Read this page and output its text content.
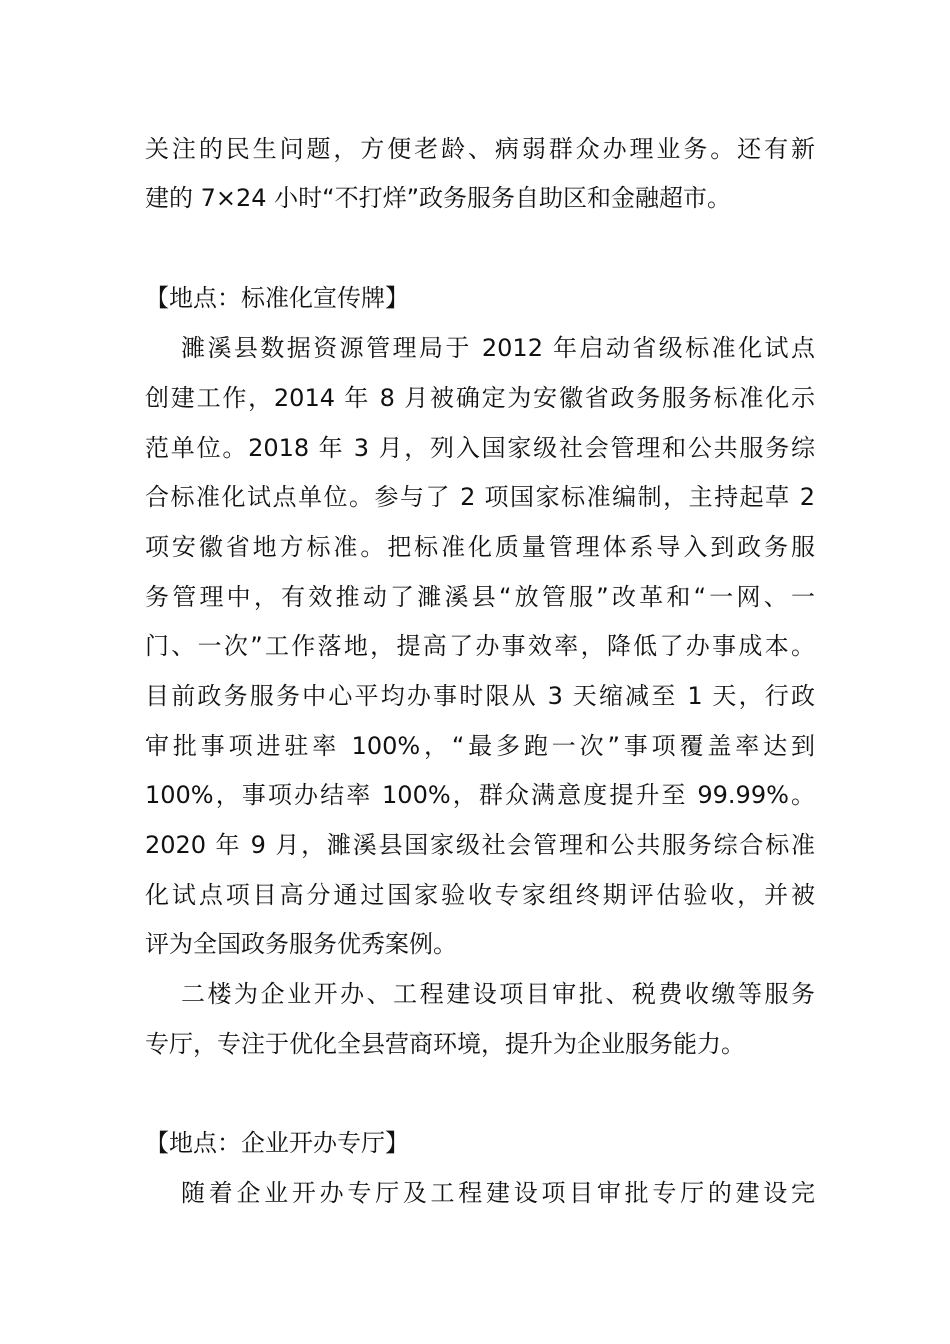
关注的民生问题，方便老龄、病弱群众办理业务。还有新
建的 7×24 小时“不打烊”政务服务自助区和金融超市。
【地点：标准化宣传牌】
濉溪县数据资源管理局于 2012 年启动省级标准化试点
创建工作，2014 年 8 月被确定为安徽省政务服务标准化示
范单位。2018 年 3 月，列入国家级社会管理和公共服务综
合标准化试点单位。参与了 2 项国家标准编制，主持起草 2
项安徽省地方标准。把标准化质量管理体系导入到政务服
务管理中，有效推动了濉溪县“放管服”改革和“一网、一
门、一次”工作落地，提高了办事效率，降低了办事成本。
目前政务服务中心平均办事时限从 3 天缩减至 1 天，行政
审批事项进驻率 100%，“最多跑一次”事项覆盖率达到
100%，事项办结率 100%，群众满意度提升至 99.99%。
2020 年 9 月，濉溪县国家级社会管理和公共服务综合标准
化试点项目高分通过国家验收专家组终期评估验收，并被
评为全国政务服务优秀案例。
二楼为企业开办、工程建设项目审批、税费收缴等服务
专厅，专注于优化全县营商环境，提升为企业服务能力。
【地点：企业开办专厅】
随着企业开办专厅及工程建设项目审批专厅的建设完
